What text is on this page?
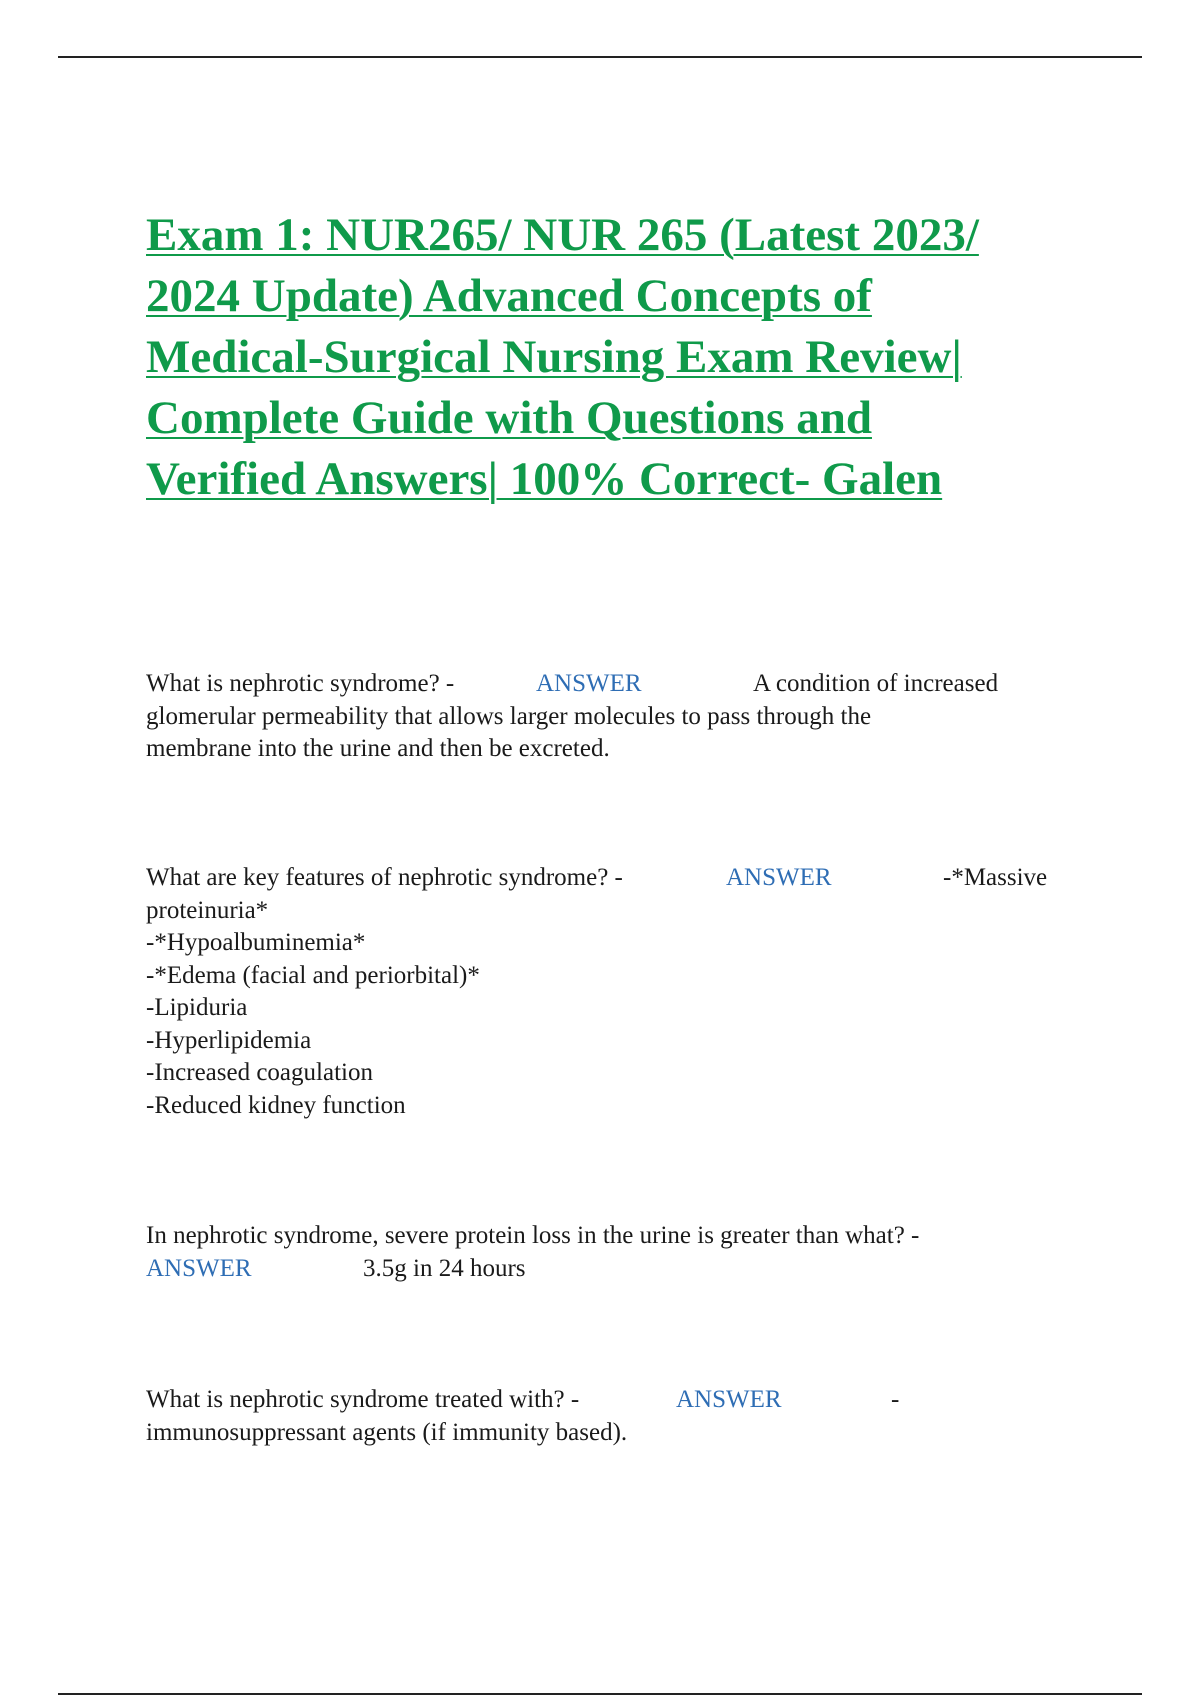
Exam 1: NUR265/ NUR 265 (Latest 2023/
2024 Update) Advanced Concepts of
Medical-Surgical Nursing Exam Review|
Complete Guide with Questions and
Verified Answers| 100% Correct- Galen
What is nephrotic syndrome? -	ANSWER	A condition of increased
glomerular permeability that allows larger molecules to pass through the
membrane into the urine and then be excreted.
What are key features of nephrotic syndrome? -	ANSWER	-*Massive
proteinuria*
-*Hypoalbuminemia*
-*Edema (facial and periorbital)*
-Lipiduria
-Hyperlipidemia
-Increased coagulation
-Reduced kidney function
In nephrotic syndrome, severe protein loss in the urine is greater than what? -
ANSWER	3.5g in 24 hours
What is nephrotic syndrome treated with? -	ANSWER	-
immunosuppressant agents (if immunity based).
